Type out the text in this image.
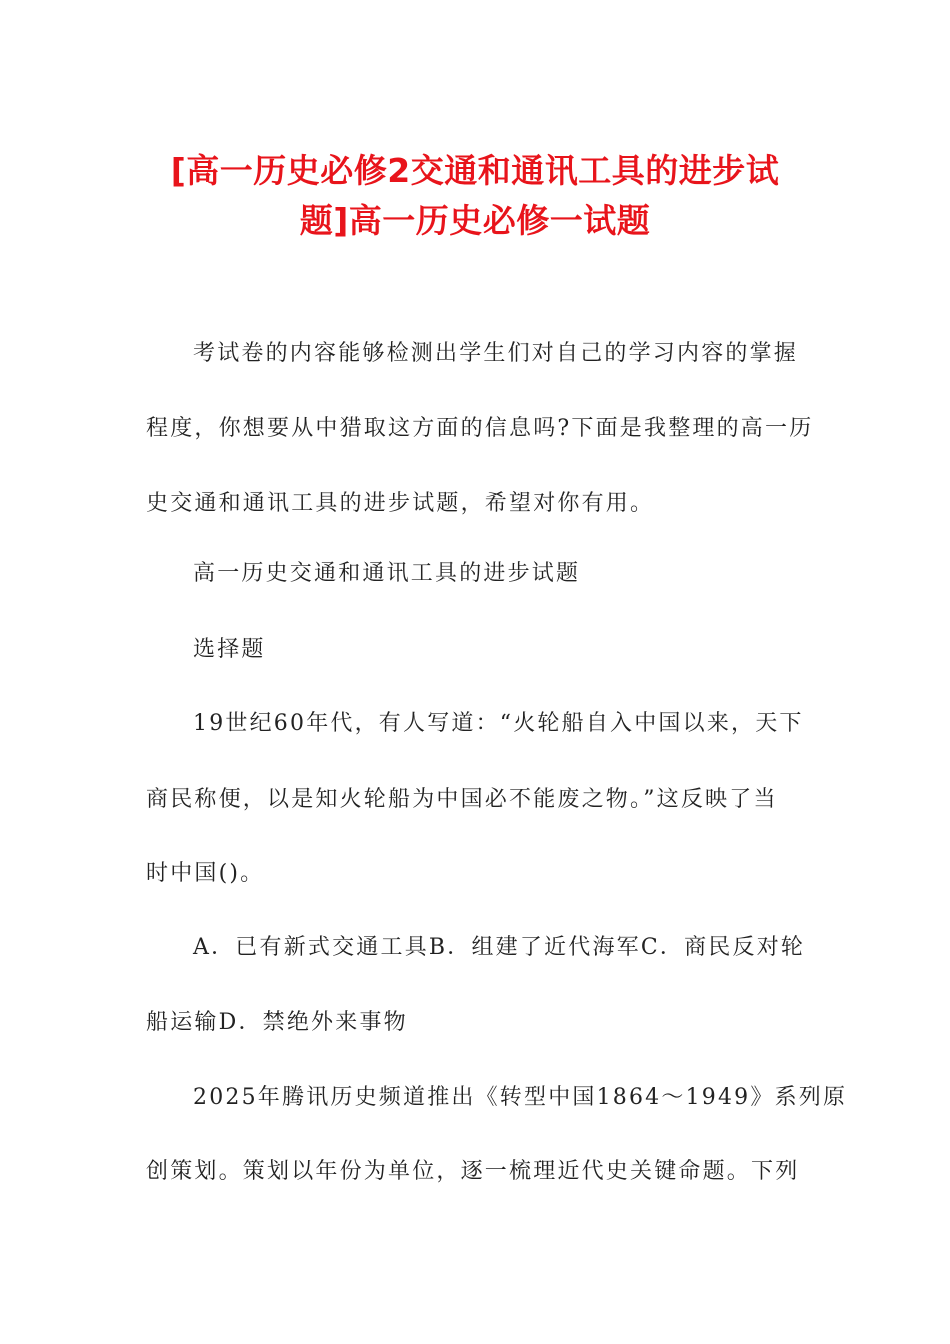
[高一历史必修2交通和通讯工具的进步试
题]高一历史必修一试题

考试卷的内容能够检测出学生们对自己的学习内容的掌握

程度，你想要从中猎取这方面的信息吗?下面是我整理的高一历

史交通和通讯工具的进步试题，希望对你有用。

高一历史交通和通讯工具的进步试题

选择题

19世纪60年代，有人写道：“火轮船自入中国以来，天下

商民称便，以是知火轮船为中国必不能废之物。”这反映了当

时中国()。

A．已有新式交通工具B．组建了近代海军C．商民反对轮

船运输D．禁绝外来事物

2025年腾讯历史频道推出《转型中国1864～1949》系列原

创策划。策划以年份为单位，逐一梳理近代史关键命题。下列
